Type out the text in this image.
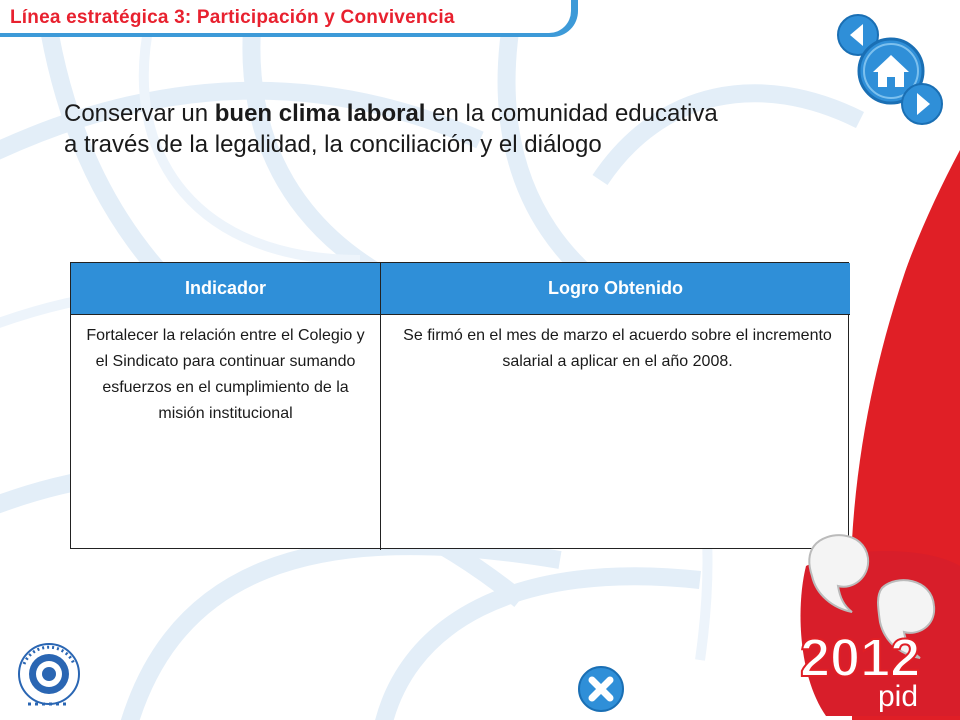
Línea estratégica 3: Participación y Convivencia
Conservar un buen clima laboral en la comunidad educativa
a través de la legalidad, la conciliación y el diálogo
Indicador	Logro Obtenido
Fortalecer la relación entre el Colegio y el Sindicato para continuar sumando esfuerzos en el cumplimiento de la misión institucional
Se firmó en el mes de marzo el acuerdo sobre el incremento salarial a aplicar en el año 2008.
2012
pid
